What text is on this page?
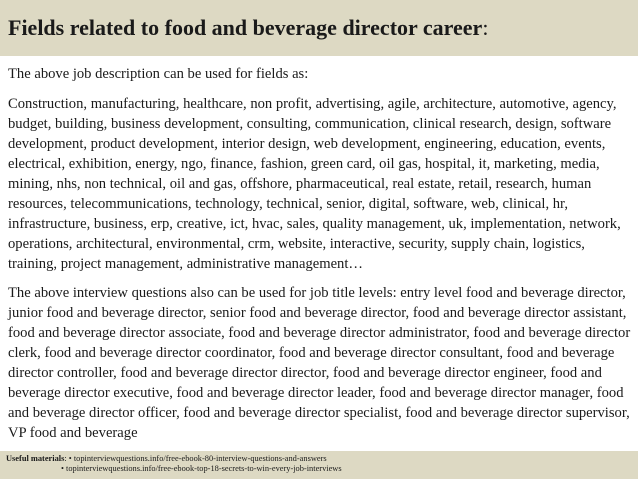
Fields related to food and beverage director career:

The above job description can be used for fields as:

Construction, manufacturing, healthcare, non profit, advertising, agile, architecture, automotive, agency, budget, building, business development, consulting, communication, clinical research, design, software development, product development, interior design, web development, engineering, education, events, electrical, exhibition, energy, ngo, finance, fashion, green card, oil gas, hospital, it, marketing, media, mining, nhs, non technical, oil and gas, offshore, pharmaceutical, real estate, retail, research, human resources, telecommunications, technology, technical, senior, digital, software, web, clinical, hr, infrastructure, business, erp, creative, ict, hvac, sales, quality management, uk, implementation, network, operations, architectural, environmental, crm, website, interactive, security, supply chain, logistics, training, project management, administrative management…

The above interview questions also can be used for job title levels: entry level food and beverage director, junior food and beverage director, senior food and beverage director, food and beverage director assistant, food and beverage director associate, food and beverage director administrator, food and beverage director clerk, food and beverage director coordinator, food and beverage director consultant, food and beverage director controller, food and beverage director director, food and beverage director engineer, food and beverage director executive, food and beverage director leader, food and beverage director manager, food and beverage director officer, food and beverage director specialist, food and beverage director supervisor, VP food and beverage

Useful materials: • topinterviewquestions.info/free-ebook-80-interview-questions-and-answers
• topinterviewquestions.info/free-ebook-top-18-secrets-to-win-every-job-interviews
